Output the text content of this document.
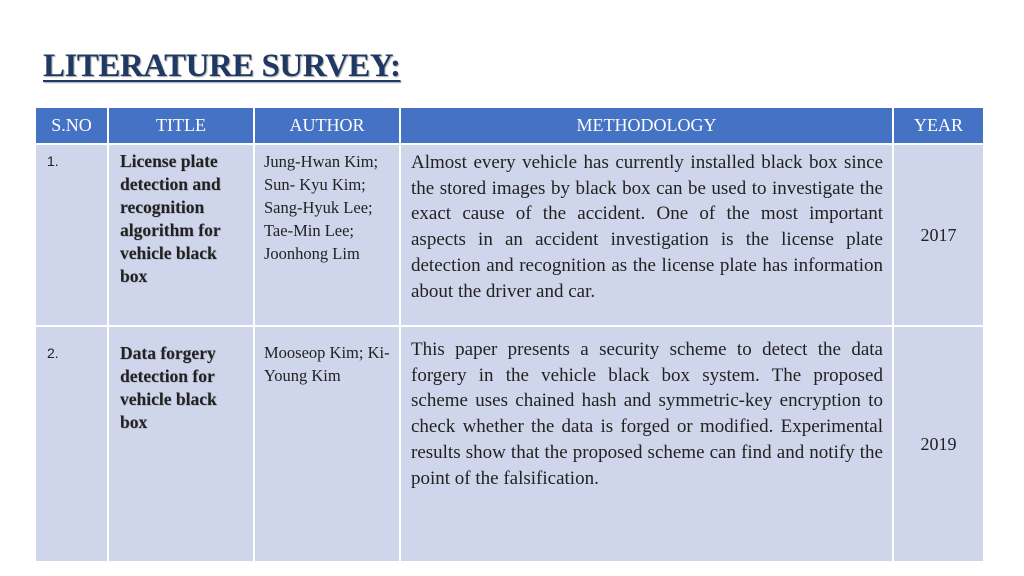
LITERATURE SURVEY:
S.NO	TITLE	AUTHOR	METHODOLOGY	YEAR
1.	License plate detection and recognition algorithm for vehicle black box	Jung-Hwan Kim; Sun- Kyu Kim; Sang-Hyuk Lee; Tae-Min Lee; Joonhong Lim	Almost every vehicle has currently installed black box since the stored images by black box can be used to investigate the exact cause of the accident. One of the most important aspects in an accident investigation is the license plate detection and recognition as the license plate has information about the driver and car.	2017
2.	Data forgery detection for vehicle black box	Mooseop Kim; Ki-Young Kim	This paper presents a security scheme to detect the data forgery in the vehicle black box system. The proposed scheme uses chained hash and symmetric-key encryption to check whether the data is forged or modified. Experimental results show that the proposed scheme can find and notify the point of the falsification.	2019
